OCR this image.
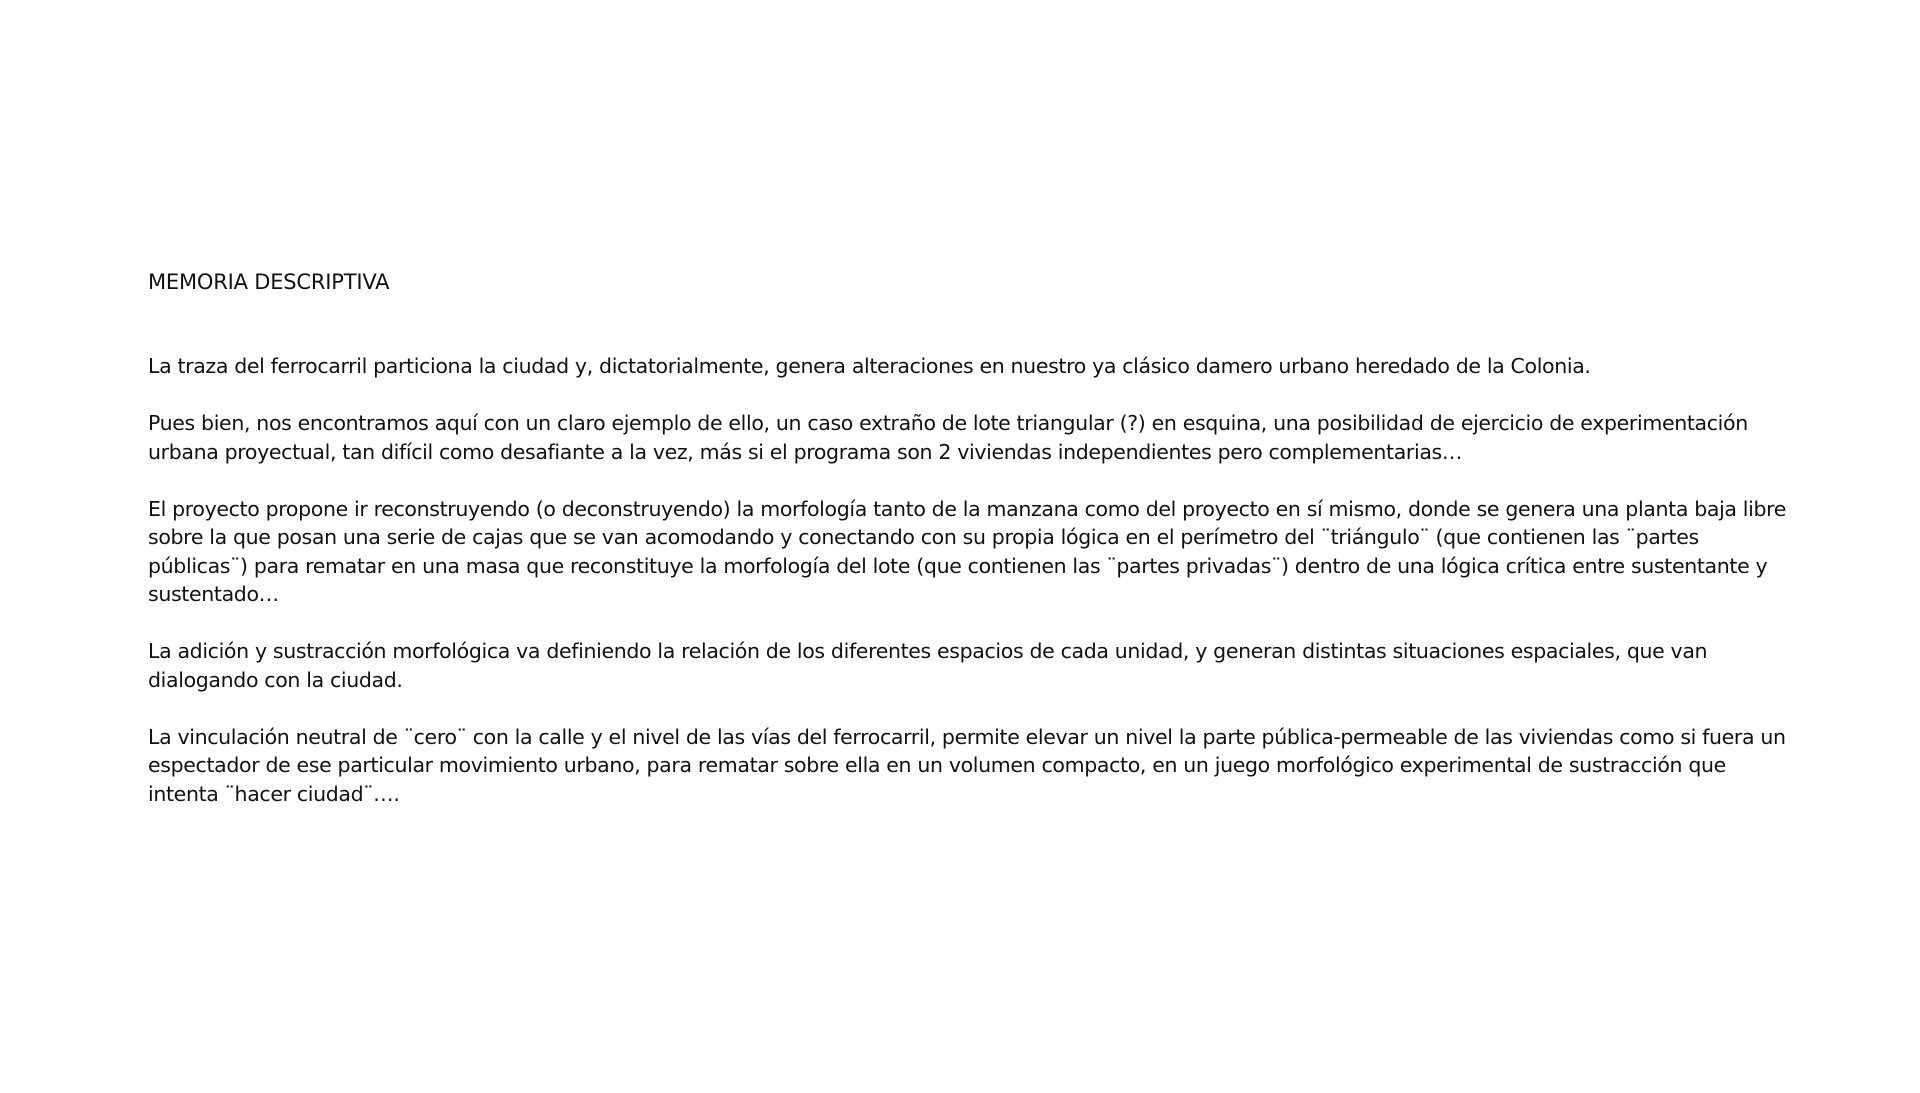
MEMORIA DESCRIPTIVA

La traza del ferrocarril particiona la ciudad y, dictatorialmente, genera alteraciones en nuestro ya clásico damero urbano heredado de la Colonia.

Pues bien, nos encontramos aquí con un claro ejemplo de ello, un caso extraño de lote triangular (?) en esquina, una posibilidad de ejercicio de experimentación urbana proyectual, tan difícil como desafiante a la vez, más si el programa son 2 viviendas independientes pero complementarias…

El proyecto propone ir reconstruyendo (o deconstruyendo) la morfología tanto de la manzana como del proyecto en sí mismo, donde se genera una planta baja libre sobre la que posan una serie de cajas que se van acomodando y conectando con su propia lógica en el perímetro del ¨triángulo¨ (que contienen las ¨partes públicas¨) para rematar en una masa que reconstituye la morfología del lote (que contienen las ¨partes privadas¨) dentro de una lógica crítica entre sustentante y sustentado…

La adición y sustracción morfológica va definiendo la relación de los diferentes espacios de cada unidad, y generan distintas situaciones espaciales, que van dialogando con la ciudad.

La vinculación neutral de ¨cero¨ con la calle y el nivel de las vías del ferrocarril, permite elevar un nivel la parte pública-permeable de las viviendas como si fuera un espectador de ese particular movimiento urbano, para rematar sobre ella en un volumen compacto, en un juego morfológico experimental de sustracción que intenta ¨hacer ciudad¨….
